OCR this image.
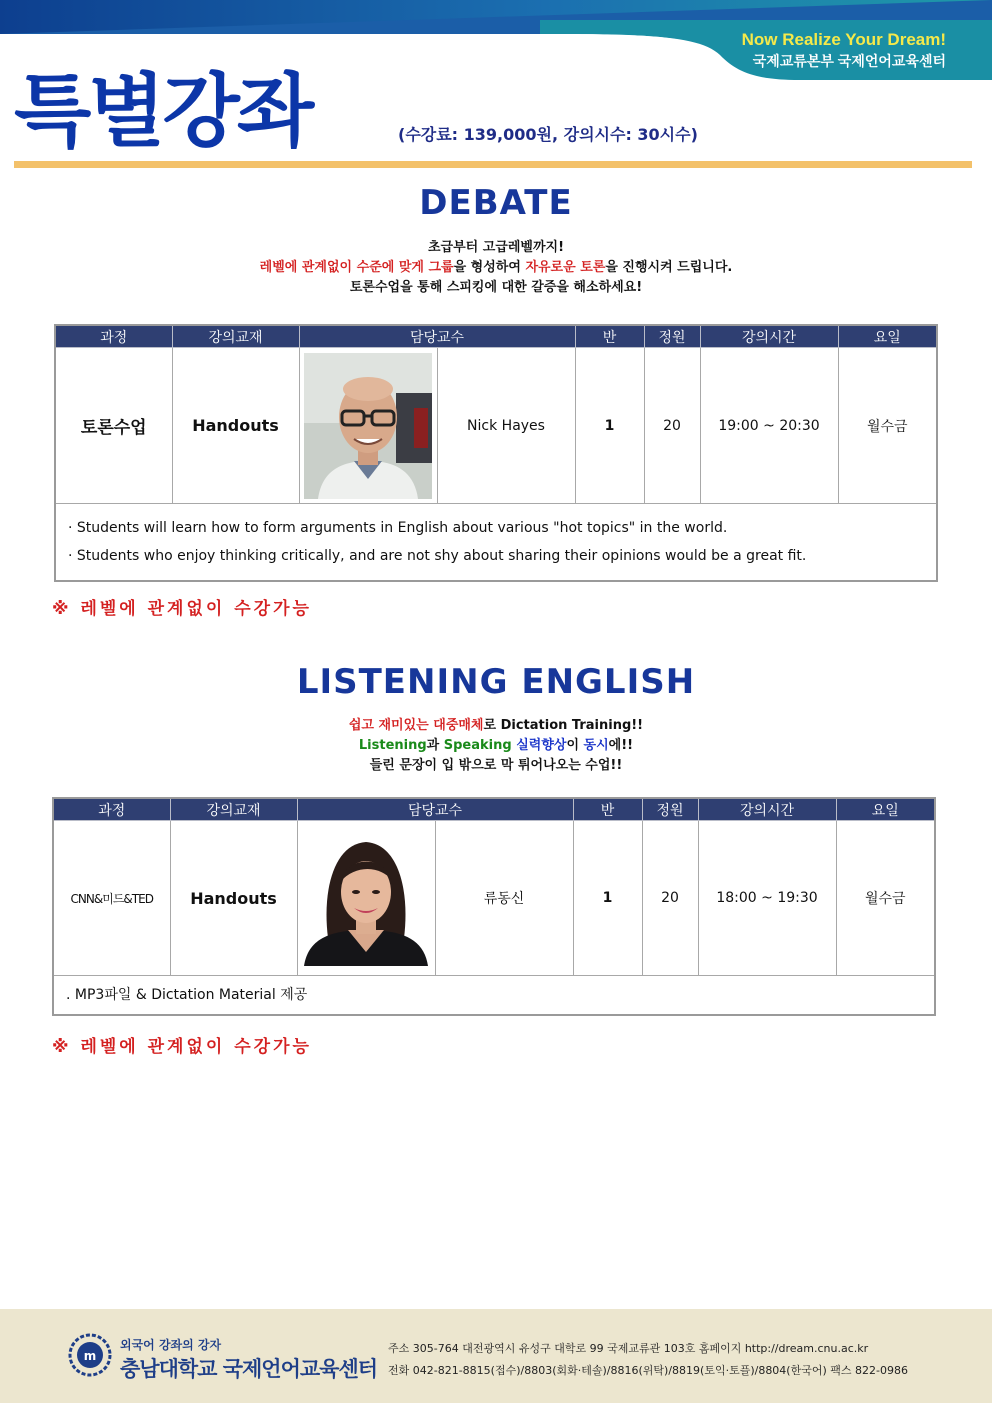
Now Realize Your Dream!
국제교류본부 국제언어교육센터
특별강좌	(수강료: 139,000원, 강의시수: 30시수)
DEBATE
초급부터 고급레벨까지!
레벨에 관계없이 수준에 맞게 그룹을 형성하여 자유로운 토론을 진행시켜 드립니다.
토론수업을 통해 스피킹에 대한 갈증을 해소하세요!
과정	강의교재	담당교수		반	정원	강의시간	요일
토론수업	Handouts		Nick Hayes	1	20	19:00 ~ 20:30	월수금

· Students will learn how to form arguments in English about various "hot topics" in the world.
· Students who enjoy thinking critically, and are not shy about sharing their opinions would be a great fit.							
※ 레벨에 관계없이 수강가능
LISTENING ENGLISH
쉽고 재미있는 대중매체로 Dictation Training!!
Listening과 Speaking 실력향상이 동시에!!
들린 문장이 입 밖으로 막 튀어나오는 수업!!
과정	강의교재	담당교수		반	정원	강의시간	요일
CNN&미드&TED	Handouts		류동신	1	20	18:00 ~ 19:30	월수금

. MP3파일 & Dictation Material 제공							
※ 레벨에 관계없이 수강가능
m
외국어 강좌의 강자
충남대학교 국제언어교육센터
주소 305-764 대전광역시 유성구 대학로 99 국제교류관 103호 홈페이지 http://dream.cnu.ac.kr
전화 042-821-8815(접수)/8803(회화·테솔)/8816(위탁)/8819(토익·토플)/8804(한국어) 팩스 822-0986
